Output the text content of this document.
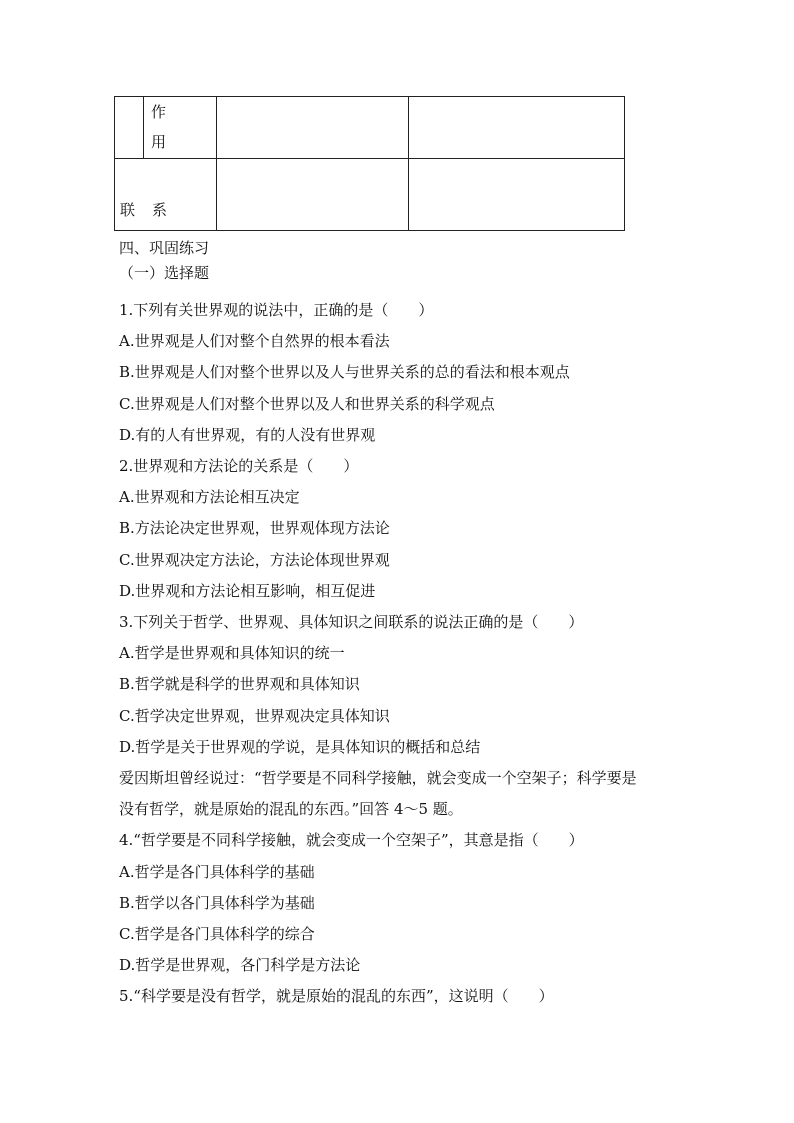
作
用
联 系
四、巩固练习
（一）选择题
1.下列有关世界观的说法中，正确的是（　　）
A.世界观是人们对整个自然界的根本看法
B.世界观是人们对整个世界以及人与世界关系的总的看法和根本观点
C.世界观是人们对整个世界以及人和世界关系的科学观点
D.有的人有世界观，有的人没有世界观
2.世界观和方法论的关系是（　　）
A.世界观和方法论相互决定
B.方法论决定世界观，世界观体现方法论
C.世界观决定方法论，方法论体现世界观
D.世界观和方法论相互影响，相互促进
3.下列关于哲学、世界观、具体知识之间联系的说法正确的是（　　）
A.哲学是世界观和具体知识的统一
B.哲学就是科学的世界观和具体知识
C.哲学决定世界观，世界观决定具体知识
D.哲学是关于世界观的学说，是具体知识的概括和总结
爱因斯坦曾经说过：“哲学要是不同科学接触，就会变成一个空架子；科学要是
没有哲学，就是原始的混乱的东西。”回答 4～5 题。
4.“哲学要是不同科学接触，就会变成一个空架子”，其意是指（　　）
A.哲学是各门具体科学的基础
B.哲学以各门具体科学为基础
C.哲学是各门具体科学的综合
D.哲学是世界观，各门科学是方法论
5.“科学要是没有哲学，就是原始的混乱的东西”，这说明（　　）
